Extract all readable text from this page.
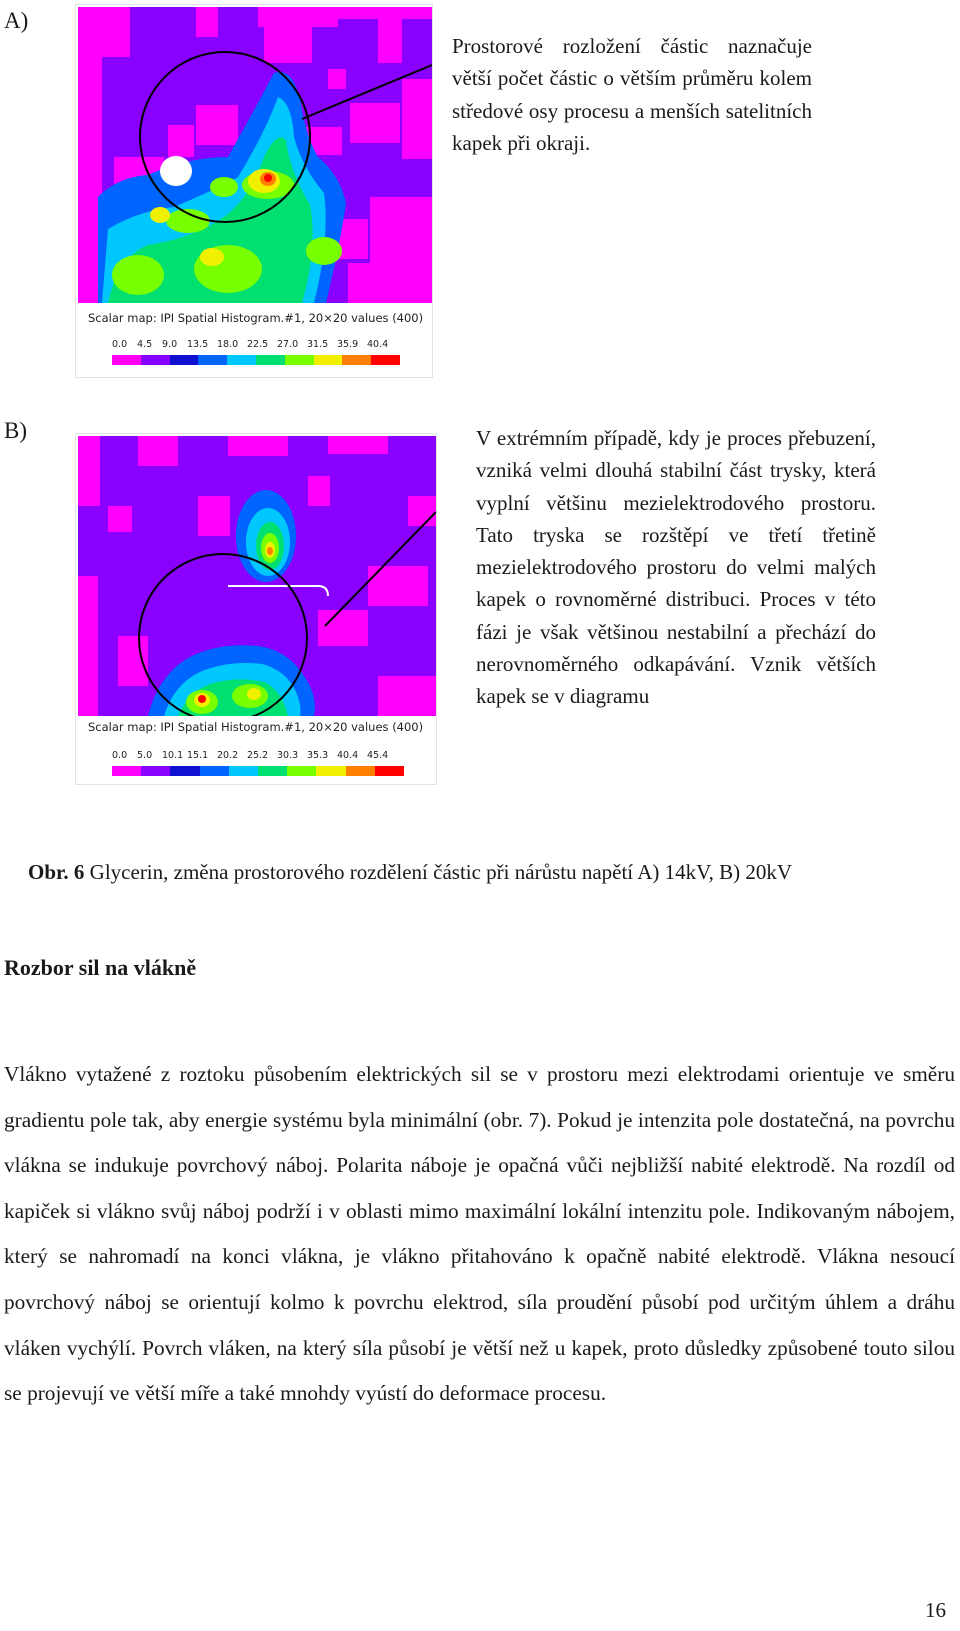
A)
Scalar map: IPI Spatial Histogram.#1, 20×20 values (400)
0.0 4.5 9.0 13.5 18.0 22.5 27.0 31.5 35.9 40.4
Prostorové rozložení částic naznačuje větší počet částic o větším průměru kolem středové osy procesu a menších satelitních kapek při okraji.
B)
Scalar map: IPI Spatial Histogram.#1, 20×20 values (400)
0.0 5.0 10.1 15.1 20.2 25.2 30.3 35.3 40.4 45.4
V extrémním případě, kdy je proces přebuzení, vzniká velmi dlouhá stabilní část trysky, která vyplní většinu mezielektrodového prostoru. Tato tryska se rozštěpí ve třetí třetině mezielektrodového prostoru do velmi malých kapek o rovnoměrné distribuci. Proces v této fázi je však většinou nestabilní a přechází do nerovnoměrného odkapávání. Vznik větších kapek se v diagramu
Obr. 6 Glycerin, změna prostorového rozdělení částic při nárůstu napětí A) 14kV, B) 20kV
Rozbor sil na vlákně
Vlákno vytažené z roztoku působením elektrických sil se v prostoru mezi elektrodami orientuje ve směru gradientu pole tak, aby energie systému byla minimální (obr. 7). Pokud je intenzita pole dostatečná, na povrchu vlákna se indukuje povrchový náboj. Polarita náboje je opačná vůči nejbližší nabité elektrodě. Na rozdíl od kapiček si vlákno svůj náboj podrží i v oblasti mimo maximální lokální intenzitu pole. Indikovaným nábojem, který se nahromadí na konci vlákna, je vlákno přitahováno k opačně nabité elektrodě. Vlákna nesoucí povrchový náboj se orientují kolmo k povrchu elektrod, síla proudění působí pod určitým úhlem a dráhu vláken vychýlí. Povrch vláken, na který síla působí je větší než u kapek, proto důsledky způsobené touto silou se projevují ve větší míře a také mnohdy vyústí do deformace procesu.
16
